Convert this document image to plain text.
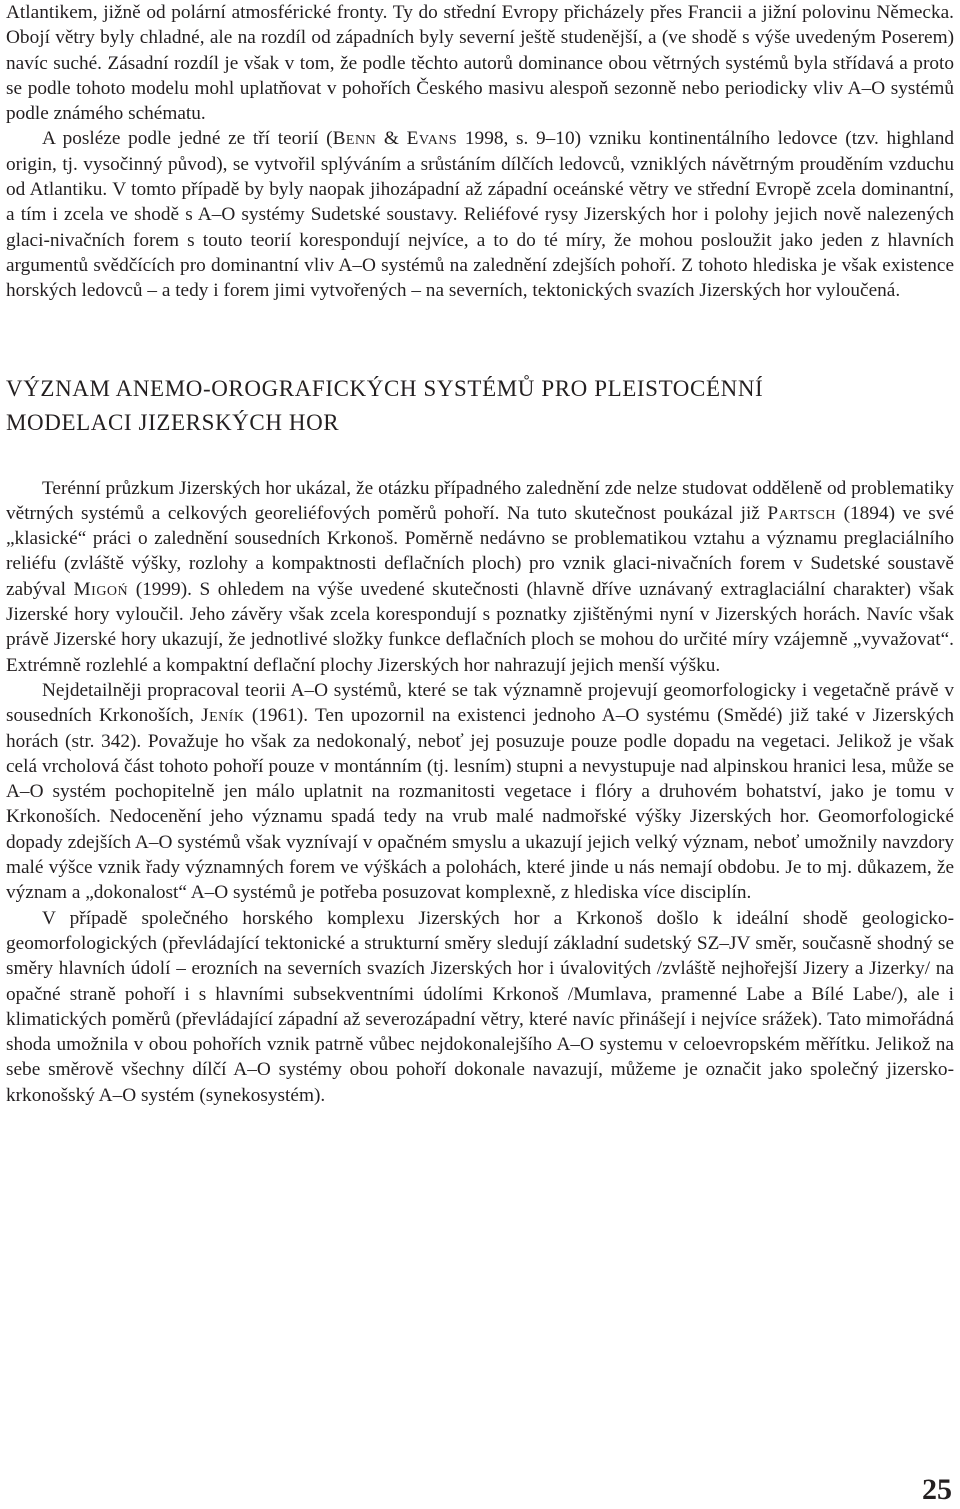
Atlantikem, jižně od polární atmosférické fronty. Ty do střední Evropy přicházely přes Francii a jižní polovinu Německa. Obojí větry byly chladné, ale na rozdíl od západních byly severní ještě studenější, a (ve shodě s výše uvedeným Poserem) navíc suché. Zásadní rozdíl je však v tom, že podle těchto autorů dominance obou větrných systémů byla střídavá a proto se podle tohoto modelu mohl uplatňovat v pohořích Českého masivu alespoň sezonně nebo periodicky vliv A–O systémů podle známého schématu.

A posléze podle jedné ze tří teorií (Benn & Evans 1998, s. 9–10) vzniku kontinentálního ledovce (tzv. highland origin, tj. vysočinný původ), se vytvořil splýváním a srůstáním dílčích ledovců, vzniklých návětrným prouděním vzduchu od Atlantiku. V tomto případě by byly naopak jihozápadní až západní oceánské větry ve střední Evropě zcela dominantní, a tím i zcela ve shodě s A–O systémy Sudetské soustavy. Reliéfové rysy Jizerských hor i polohy jejich nově nalezených glaci-nivačních forem s touto teorií korespondují nejvíce, a to do té míry, že mohou posloužit jako jeden z hlavních argumentů svědčících pro dominantní vliv A–O systémů na zalednění zdejších pohoří. Z tohoto hlediska je však existence horských ledovců – a tedy i forem jimi vytvořených – na severních, tektonických svazích Jizerských hor vyloučená.

VÝZNAM ANEMO-OROGRAFICKÝCH SYSTÉMŮ PRO PLEISTOCÉNNÍ
MODELACI JIZERSKÝCH HOR

Terénní průzkum Jizerských hor ukázal, že otázku případného zalednění zde nelze studovat odděleně od problematiky větrných systémů a celkových georeliéfových poměrů pohoří. Na tuto skutečnost poukázal již Partsch (1894) ve své „klasické“ práci o zalednění sousedních Krkonoš. Poměrně nedávno se problematikou vztahu a významu preglaciálního reliéfu (zvláště výšky, rozlohy a kompaktnosti deflačních ploch) pro vznik glaci-nivačních forem v Sudetské soustavě zabýval Migoń (1999). S ohledem na výše uvedené skutečnosti (hlavně dříve uznávaný extraglaciální charakter) však Jizerské hory vyloučil. Jeho závěry však zcela korespondují s poznatky zjištěnými nyní v Jizerských horách. Navíc však právě Jizerské hory ukazují, že jednotlivé složky funkce deflačních ploch se mohou do určité míry vzájemně „vyvažovat“. Extrémně rozlehlé a kompaktní deflační plochy Jizerských hor nahrazují jejich menší výšku.

Nejdetailněji propracoval teorii A–O systémů, které se tak významně projevují geomorfologicky i vegetačně právě v sousedních Krkonoších, Jeník (1961). Ten upozornil na existenci jednoho A–O systému (Smědé) již také v Jizerských horách (str. 342). Považuje ho však za nedokonalý, neboť jej posuzuje pouze podle dopadu na vegetaci. Jelikož je však celá vrcholová část tohoto pohoří pouze v montánním (tj. lesním) stupni a nevystupuje nad alpinskou hranici lesa, může se A–O systém pochopitelně jen málo uplatnit na rozmanitosti vegetace i flóry a druhovém bohatství, jako je tomu v Krkonoších. Nedocenění jeho významu spadá tedy na vrub malé nadmořské výšky Jizerských hor. Geomorfologické dopady zdejších A–O systémů však vyznívají v opačném smyslu a ukazují jejich velký význam, neboť umožnily navzdory malé výšce vznik řady významných forem ve výškách a polohách, které jinde u nás nemají obdobu. Je to mj. důkazem, že význam a „dokonalost“ A–O systémů je potřeba posuzovat komplexně, z hlediska více disciplín.

V případě společného horského komplexu Jizerských hor a Krkonoš došlo k ideální shodě geologicko-geomorfologických (převládající tektonické a strukturní směry sledují základní sudetský SZ–JV směr, současně shodný se směry hlavních údolí – erozních na severních svazích Jizerských hor i úvalovitých /zvláště nejhořejší Jizery a Jizerky/ na opačné straně pohoří i s hlavními subsekventními údolími Krkonoš /Mumlava, pramenné Labe a Bílé Labe/), ale i klimatických poměrů (převládající západní až severozápadní větry, které navíc přinášejí i nejvíce srážek). Tato mimořádná shoda umožnila v obou pohořích vznik patrně vůbec nejdokonalejšího A–O systemu v celoevropském měřítku. Jelikož na sebe směrově všechny dílčí A–O systémy obou pohoří dokonale navazují, můžeme je označit jako společný jizersko-krkonošský A–O systém (synekosystém).

25
